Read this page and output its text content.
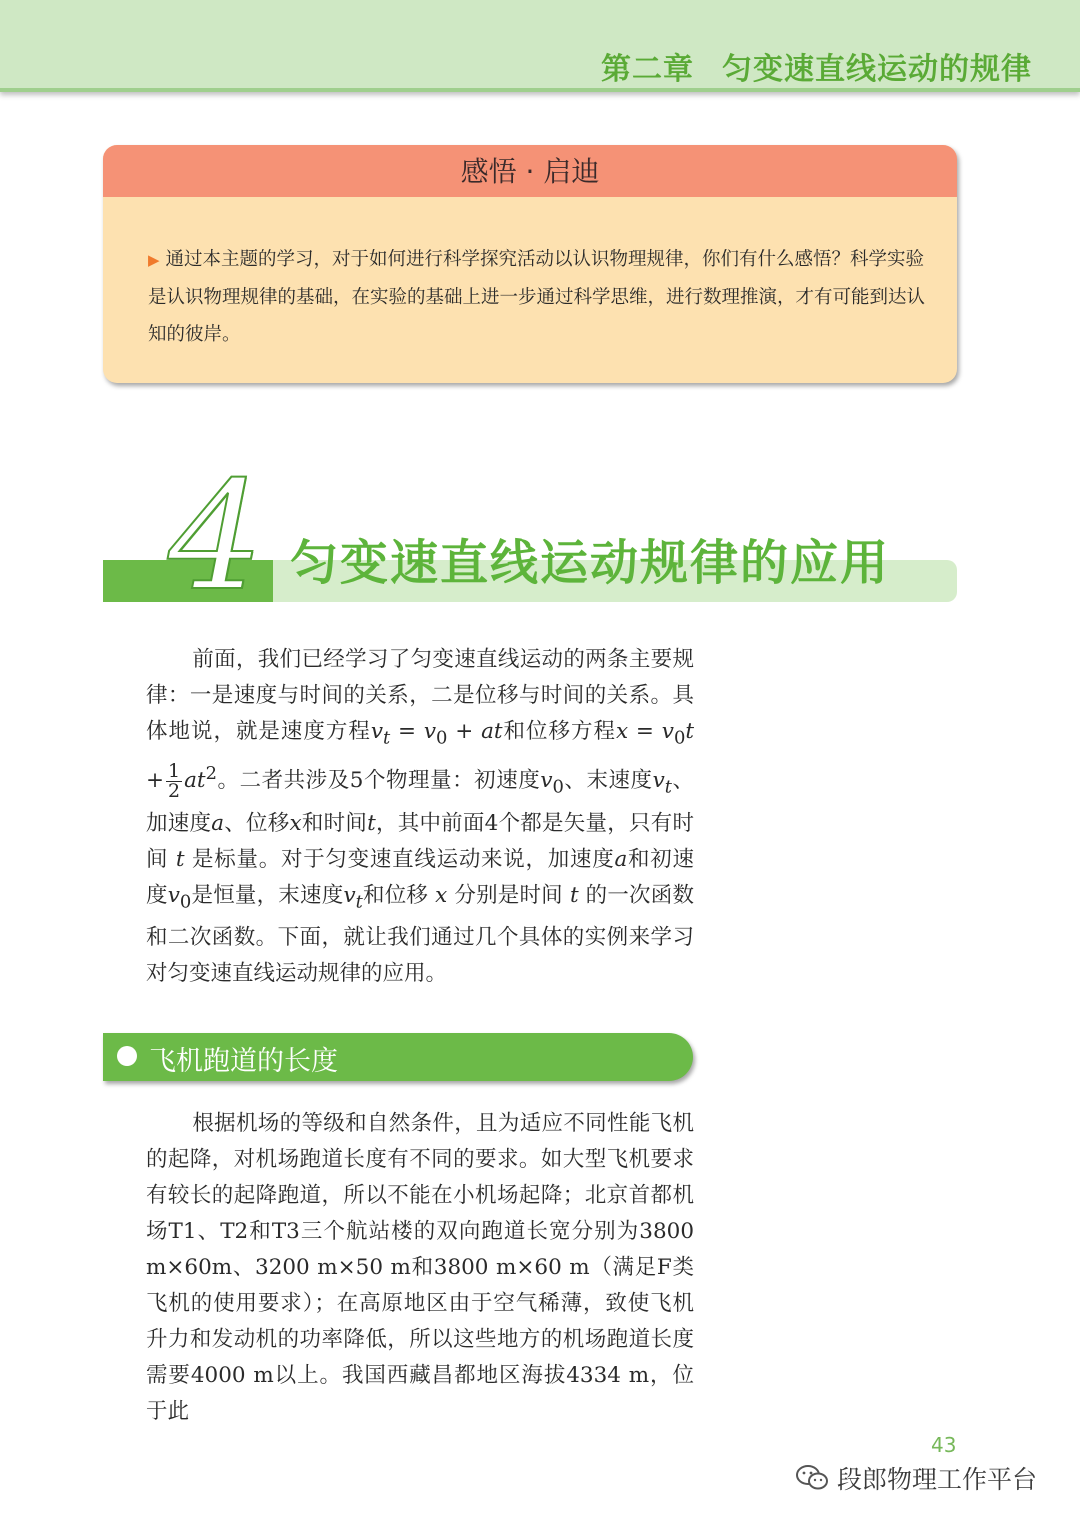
第二章 匀变速直线运动的规律
感悟 · 启迪
▶ 通过本主题的学习，对于如何进行科学探究活动以认识物理规律，你们有什么感悟？科学实验是认识物理规律的基础，在实验的基础上进一步通过科学思维，进行数理推演，才有可能到达认知的彼岸。
4 匀变速直线运动规律的应用

前面，我们已经学习了匀变速直线运动的两条主要规律：一是速度与时间的关系，二是位移与时间的关系。具体地说，就是速度方程$v_t = v_0$ + at和位移方程$x = v_0t + \frac{1}{2} at^2$。二者共涉及5个物理量：初速度$v_0$、末速度$v_t$、加速度a、位移x和时间t，其中前面4个都是矢量，只有时间 t 是标量。对于匀变速直线运动来说，加速度a和初速度$v_0$是恒量，末速度$v_t$和位移 x 分别是时间 t 的一次函数和二次函数。下面，就让我们通过几个具体的实例来学习对匀变速直线运动规律的应用。

飞机跑道的长度

根据机场的等级和自然条件，且为适应不同性能飞机的起降，对机场跑道长度有不同的要求。如大型飞机要求有较长的起降跑道，所以不能在小机场起降；北京首都机场T1、T2和T3三个航站楼的双向跑道长宽分别为3800 m×60m、3200 m×50 m和3800 m×60 m（满足F类飞机的使用要求）；在高原地区由于空气稀薄，致使飞机升力和发动机的功率降低，所以这些地方的机场跑道长度需要4000 m以上。我国西藏昌都地区海拔4334 m，位于此

43
段郎物理工作平台
